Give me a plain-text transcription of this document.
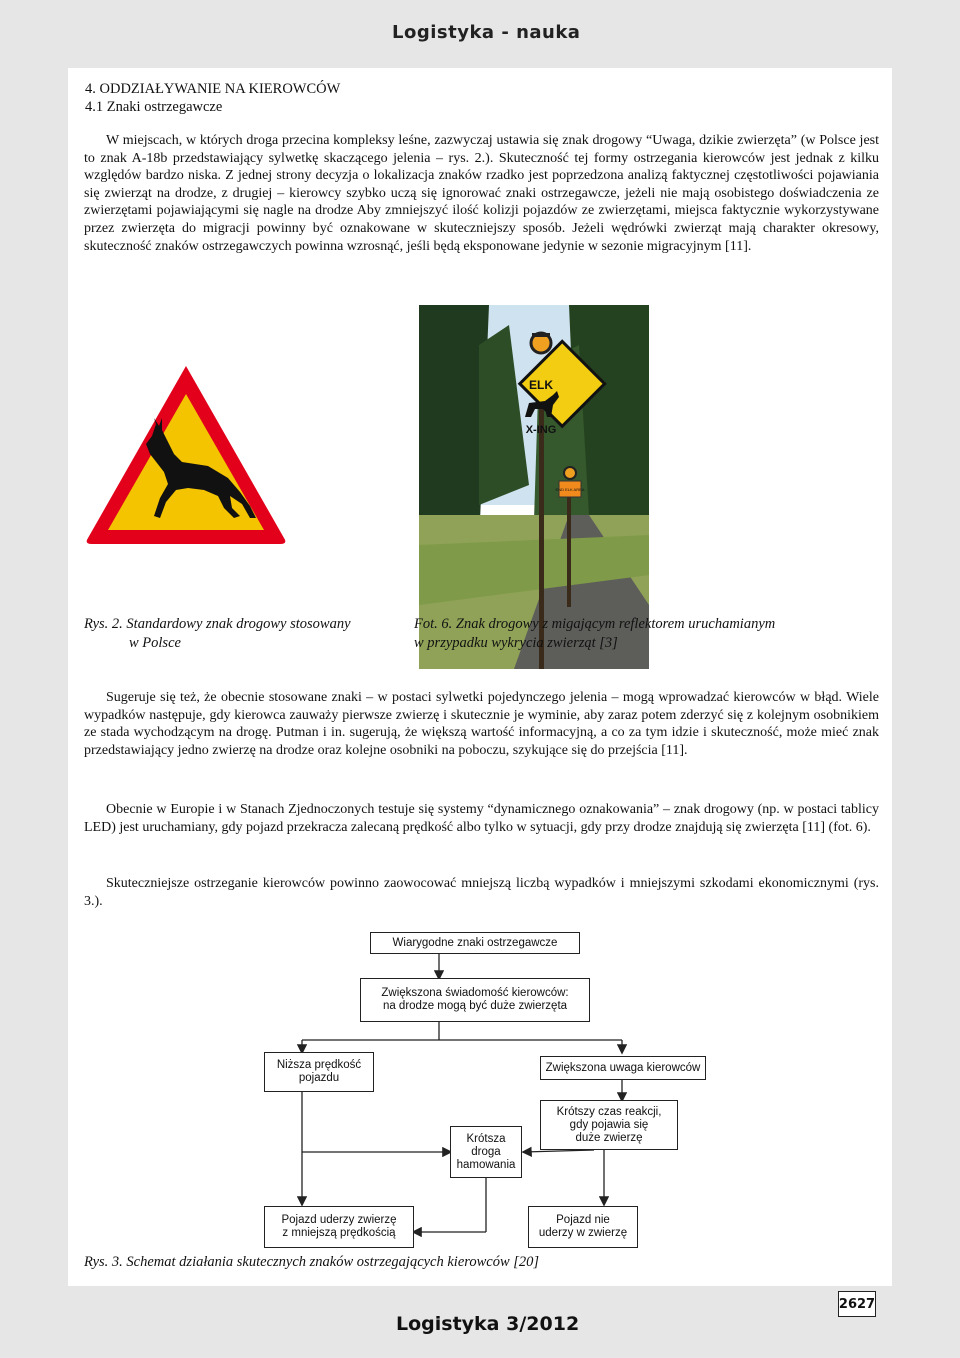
Logistyka - nauka
4. ODDZIAŁYWANIE NA KIEROWCÓW
4.1 Znaki ostrzegawcze
W miejscach, w których droga przecina kompleksy leśne, zazwyczaj ustawia się znak drogowy “Uwaga, dzikie zwierzęta” (w Polsce jest to znak A-18b przedstawiający sylwetkę skaczącego jelenia – rys. 2.). Skuteczność tej formy ostrzegania kierowców jest jednak z kilku względów bardzo niska. Z jednej strony decyzja o lokalizacja znaków rzadko jest poprzedzona analizą faktycznej częstotliwości pojawiania się zwierząt na drodze, z drugiej – kierowcy szybko uczą się ignorować znaki ostrzegawcze, jeżeli nie mają osobistego doświadczenia ze zwierzętami pojawiającymi się nagle na drodze Aby zmniejszyć ilość kolizji pojazdów ze zwierzętami, miejsca faktycznie wykorzystywane przez zwierzęta do migracji powinny być oznakowane w skuteczniejszy sposób. Jeżeli wędrówki zwierząt mają charakter okresowy, skuteczność znaków ostrzegawczych powinna wzrosnąć, jeśli będą eksponowane jedynie w sezonie migracyjnym [11].
ELK
X-ING
END ELK AREA
Rys. 2. Standardowy znak drogowy stosowany
w Polsce
Fot. 6. Znak drogowy z migającym reflektorem uruchamianym
w przypadku wykrycia zwierząt [3]
Sugeruje się też, że obecnie stosowane znaki – w postaci sylwetki pojedynczego jelenia – mogą wprowadzać kierowców w błąd. Wiele wypadków następuje, gdy kierowca zauważy pierwsze zwierzę i skutecznie je wyminie, aby zaraz potem zderzyć się z kolejnym osobnikiem ze stada wychodzącym na drogę. Putman i in. sugerują, że większą wartość informacyjną, a co za tym idzie i skuteczność, może mieć znak przedstawiający jedno zwierzę na drodze oraz kolejne osobniki na poboczu, szykujące się do przejścia [11].
Obecnie w Europie i w Stanach Zjednoczonych testuje się systemy “dynamicznego oznakowania” – znak drogowy (np. w postaci tablicy LED) jest uruchamiany, gdy pojazd przekracza zalecaną prędkość albo tylko w sytuacji, gdy przy drodze znajdują się zwierzęta [11] (fot. 6).
Skuteczniejsze ostrzeganie kierowców powinno zaowocować mniejszą liczbą wypadków i mniejszymi szkodami ekonomicznymi (rys. 3.).
Wiarygodne znaki ostrzegawcze
Zwiększona świadomość kierowców:
na drodze mogą być duże zwierzęta
Niższa prędkość
pojazdu
Zwiększona uwaga kierowców
Krótszy czas reakcji,
gdy pojawia się
duże zwierzę
Krótsza
droga
hamowania
Pojazd uderzy zwierzę
z mniejszą prędkością
Pojazd nie
uderzy w zwierzę
Rys. 3. Schemat działania skutecznych znaków ostrzegających kierowców [20]
2627
Logistyka 3/2012
